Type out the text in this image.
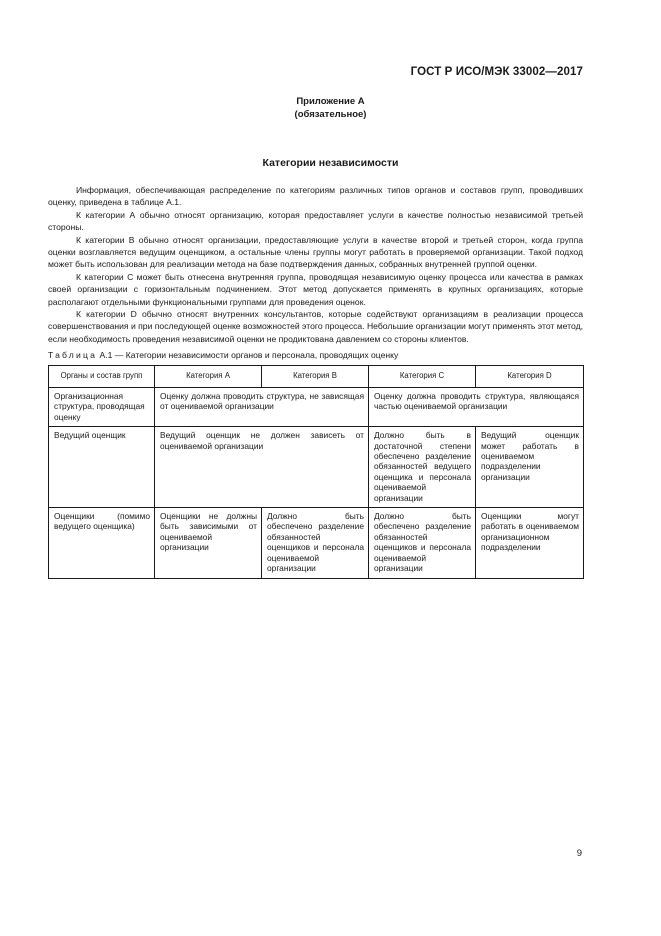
ГОСТ Р ИСО/МЭК 33002—2017
Приложение А
(обязательное)
Категории независимости

Информация, обеспечивающая распределение по категориям различных типов органов и составов групп, проводивших оценку, приведена в таблице А.1.

К категории А обычно относят организацию, которая предоставляет услуги в качестве полностью независимой третьей стороны.

К категории В обычно относят организации, предоставляющие услуги в качестве второй и третьей сторон, когда группа оценки возглавляется ведущим оценщиком, а остальные члены группы могут работать в проверяемой организации. Такой подход может быть использован для реализации метода на базе подтверждения данных, собранных внутренней группой оценки.

К категории С может быть отнесена внутренняя группа, проводящая независимую оценку процесса или качества в рамках своей организации с горизонтальным подчинением. Этот метод допускается применять в крупных организациях, которые располагают отдельными функциональными группами для проведения оценок.

К категории D обычно относят внутренних консультантов, которые содействуют организациям в реализации процесса совершенствования и при последующей оценке возможностей этого процесса. Небольшие организации могут применять этот метод, если необходимость проведения независимой оценки не продиктована давлением со стороны клиентов.

Таблица А.1 — Категории независимости органов и персонала, проводящих оценку
Органы и состав групп	Категория А	Категория В	Категория С	Категория D
Организационная структура, проводящая оценку	Оценку должна проводить структура, не зависящая от оцениваемой организации		Оценку должна проводить структура, являющаяся частью оцениваемой организации	
Ведущий оценщик	Ведущий оценщик не должен зависеть от оцениваемой организации		Должно быть в достаточной степени обеспечено разделение обязанностей ведущего оценщика и персонала оцениваемой организации	Ведущий оценщик может работать в оцениваемом подразделении организации
Оценщики (помимо ведущего оценщика)	Оценщики не должны быть зависимыми от оцениваемой организации	Должно быть обеспечено разделение обязанностей оценщиков и персонала оцениваемой организации	Должно быть обеспечено разделение обязанностей оценщиков и персонала оцениваемой организации	Оценщики могут работать в оцениваемом организационном подразделении
9
